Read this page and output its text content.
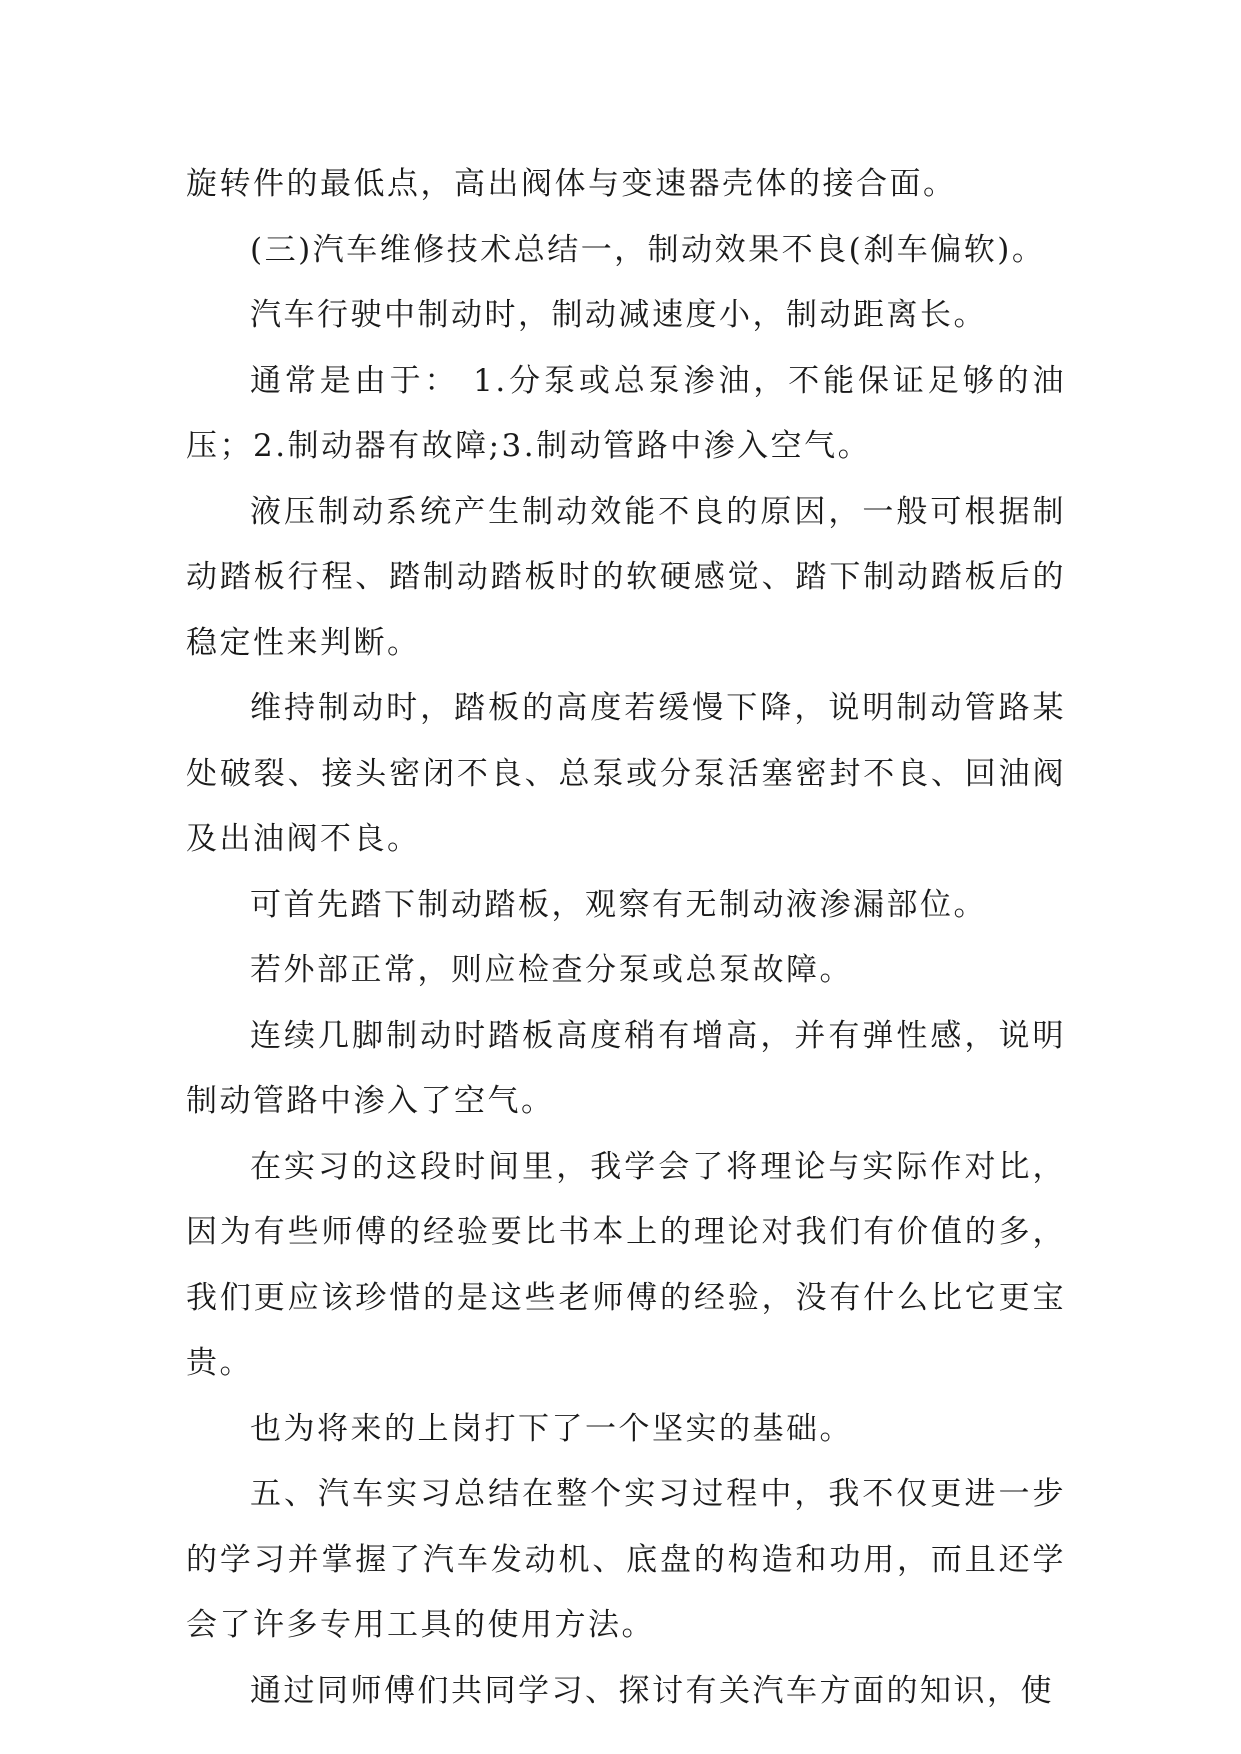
旋转件的最低点，高出阀体与变速器壳体的接合面。

(三)汽车维修技术总结一，制动效果不良(刹车偏软)。

汽车行驶中制动时，制动减速度小，制动距离长。

通常是由于： 1.分泵或总泵渗油，不能保证足够的油压；2.制动器有故障;3.制动管路中渗入空气。

液压制动系统产生制动效能不良的原因，一般可根据制动踏板行程、踏制动踏板时的软硬感觉、踏下制动踏板后的稳定性来判断。

维持制动时，踏板的高度若缓慢下降，说明制动管路某处破裂、接头密闭不良、总泵或分泵活塞密封不良、回油阀及出油阀不良。

可首先踏下制动踏板，观察有无制动液渗漏部位。

若外部正常，则应检查分泵或总泵故障。

连续几脚制动时踏板高度稍有增高，并有弹性感，说明制动管路中渗入了空气。

在实习的这段时间里，我学会了将理论与实际作对比，因为有些师傅的经验要比书本上的理论对我们有价值的多，我们更应该珍惜的是这些老师傅的经验，没有什么比它更宝贵。

也为将来的上岗打下了一个坚实的基础。

五、汽车实习总结在整个实习过程中，我不仅更进一步的学习并掌握了汽车发动机、底盘的构造和功用，而且还学会了许多专用工具的使用方法。

通过同师傅们共同学习、探讨有关汽车方面的知识，使
